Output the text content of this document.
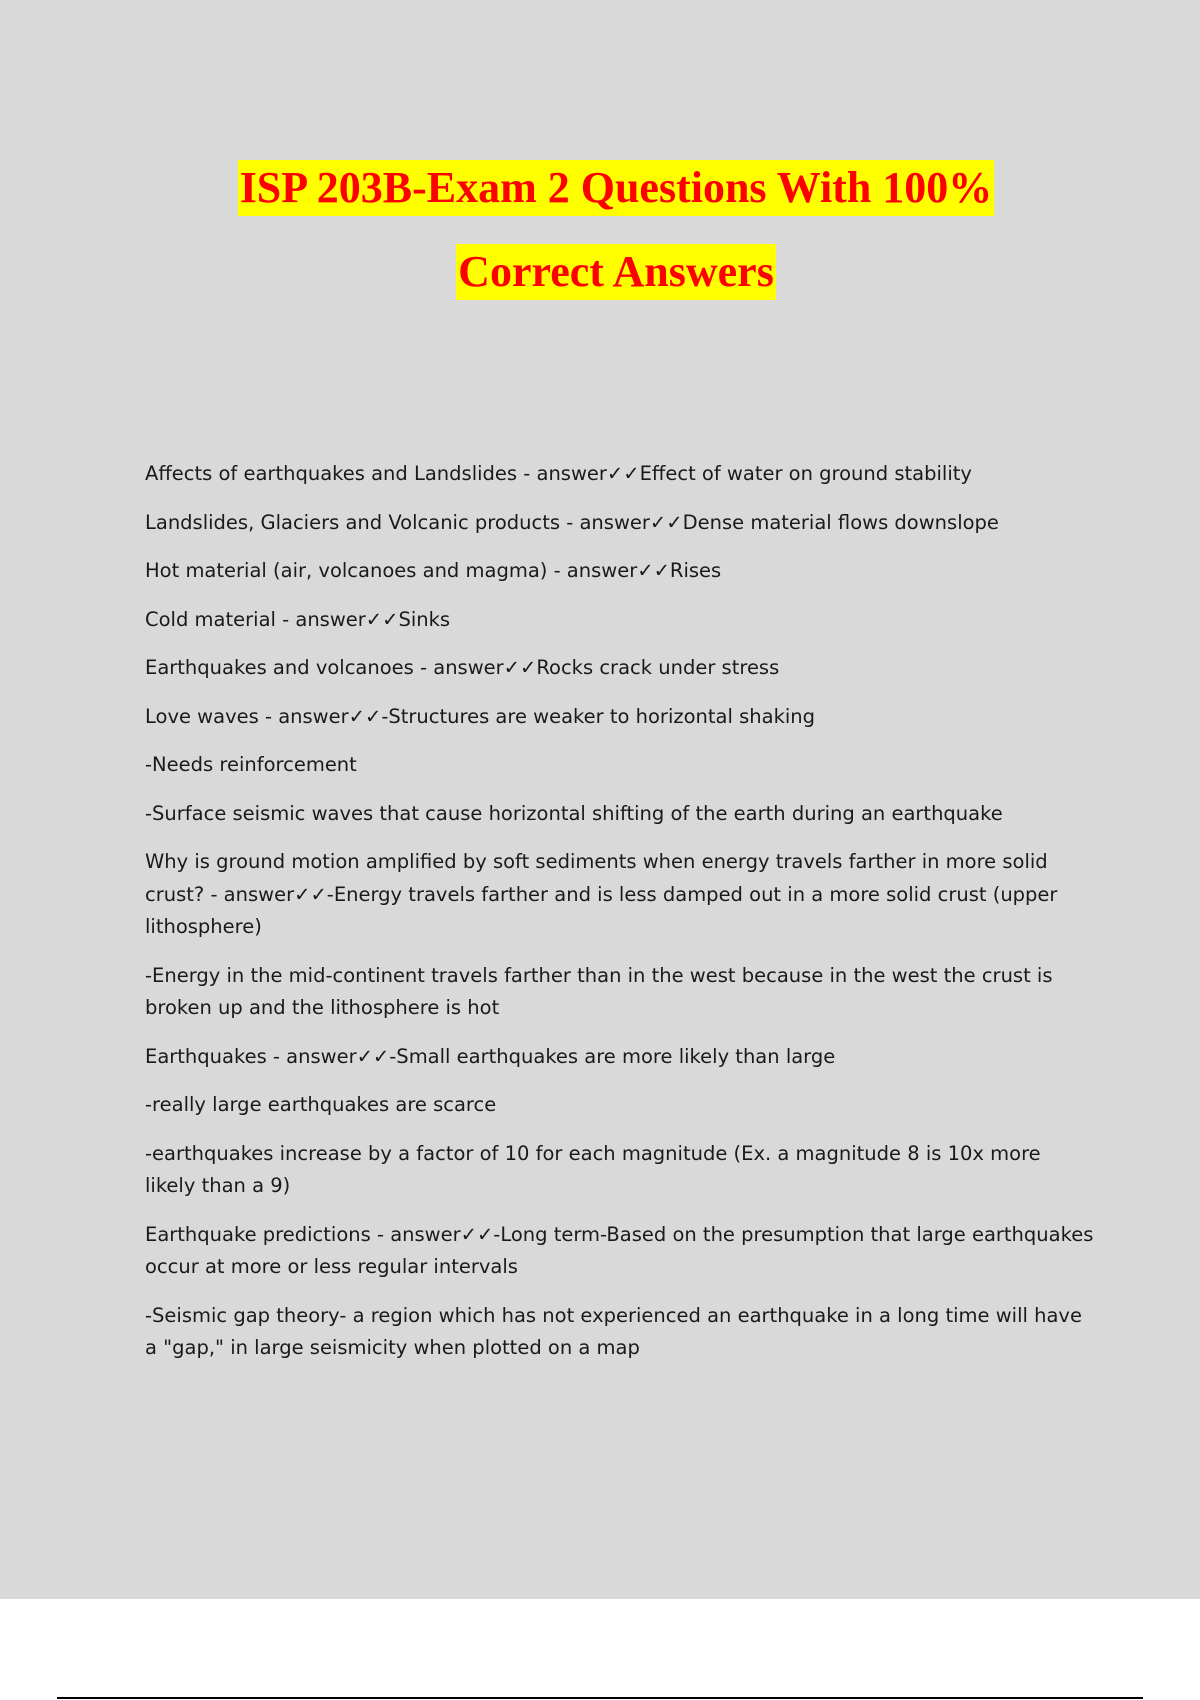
ISP 203B-Exam 2 Questions With 100%
Correct Answers
Affects of earthquakes and Landslides - answer✓✓Effect of water on ground stability
Landslides, Glaciers and Volcanic products - answer✓✓Dense material flows downslope
Hot material (air, volcanoes and magma) - answer✓✓Rises
Cold material - answer✓✓Sinks
Earthquakes and volcanoes - answer✓✓Rocks crack under stress
Love waves - answer✓✓-Structures are weaker to horizontal shaking
-Needs reinforcement
-Surface seismic waves that cause horizontal shifting of the earth during an earthquake
Why is ground motion amplified by soft sediments when energy travels farther in more solid crust? - answer✓✓-Energy travels farther and is less damped out in a more solid crust (upper lithosphere)
-Energy in the mid-continent travels farther than in the west because in the west the crust is broken up and the lithosphere is hot
Earthquakes - answer✓✓-Small earthquakes are more likely than large
-really large earthquakes are scarce
-earthquakes increase by a factor of 10 for each magnitude (Ex. a magnitude 8 is 10x more likely than a 9)
Earthquake predictions - answer✓✓-Long term-Based on the presumption that large earthquakes occur at more or less regular intervals
-Seismic gap theory- a region which has not experienced an earthquake in a long time will have a "gap," in large seismicity when plotted on a map
